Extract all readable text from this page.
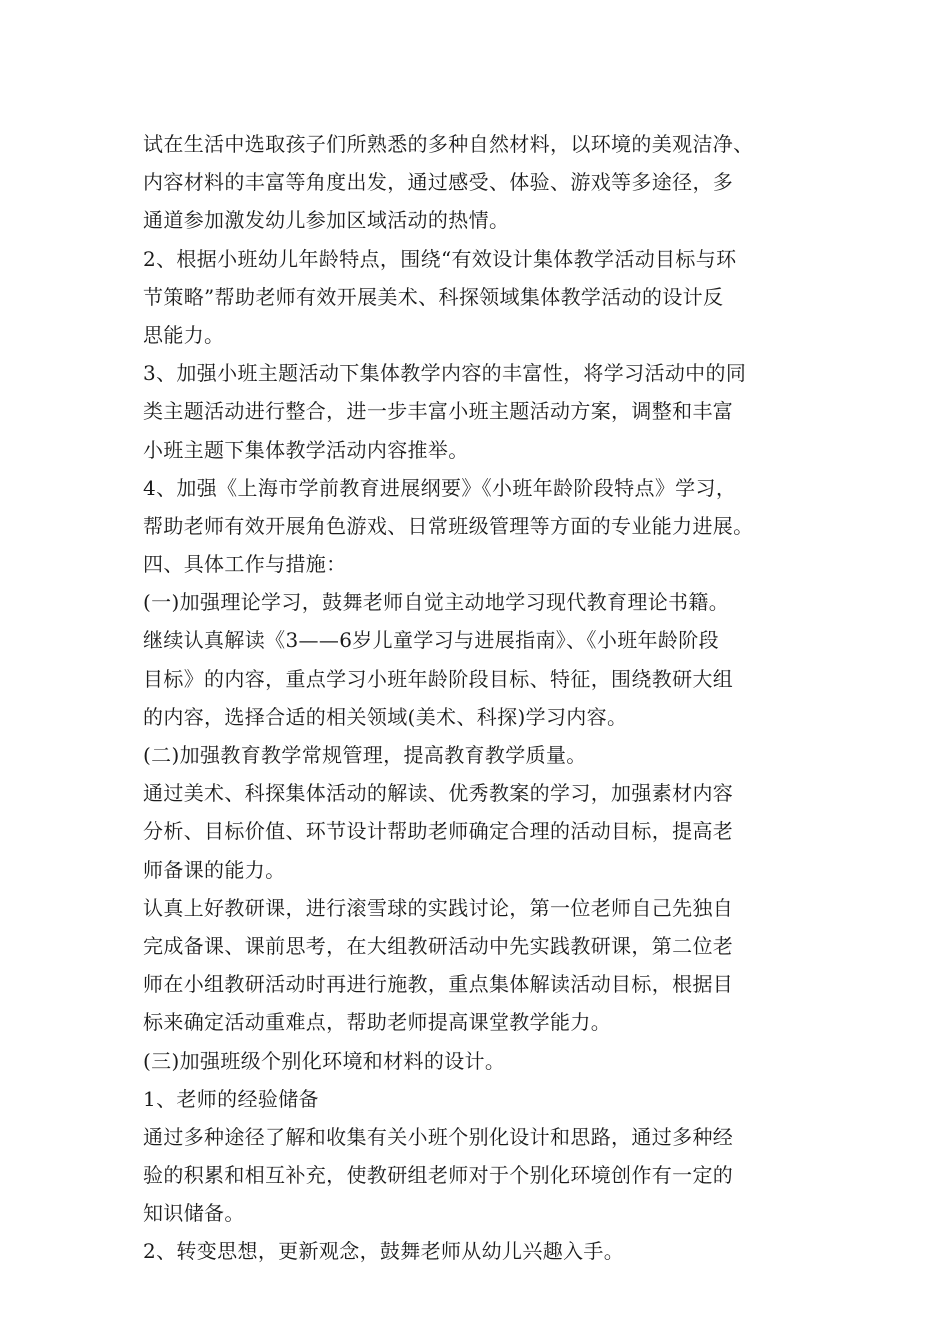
试在生活中选取孩子们所熟悉的多种自然材料，以环境的美观洁净、
内容材料的丰富等角度出发，通过感受、体验、游戏等多途径，多
通道参加激发幼儿参加区域活动的热情。
2、根据小班幼儿年龄特点，围绕“有效设计集体教学活动目标与环
节策略”帮助老师有效开展美术、科探领域集体教学活动的设计反
思能力。
3、加强小班主题活动下集体教学内容的丰富性，将学习活动中的同
类主题活动进行整合，进一步丰富小班主题活动方案，调整和丰富
小班主题下集体教学活动内容推举。
4、加强《上海市学前教育进展纲要》《小班年龄阶段特点》学习，
帮助老师有效开展角色游戏、日常班级管理等方面的专业能力进展。
四、具体工作与措施：
(一)加强理论学习，鼓舞老师自觉主动地学习现代教育理论书籍。
继续认真解读《3——6岁儿童学习与进展指南》、《小班年龄阶段
目标》的内容，重点学习小班年龄阶段目标、特征，围绕教研大组
的内容，选择合适的相关领域(美术、科探)学习内容。
(二)加强教育教学常规管理，提高教育教学质量。
通过美术、科探集体活动的解读、优秀教案的学习，加强素材内容
分析、目标价值、环节设计帮助老师确定合理的活动目标，提高老
师备课的能力。
认真上好教研课，进行滚雪球的实践讨论，第一位老师自己先独自
完成备课、课前思考，在大组教研活动中先实践教研课，第二位老
师在小组教研活动时再进行施教，重点集体解读活动目标，根据目
标来确定活动重难点，帮助老师提高课堂教学能力。
(三)加强班级个别化环境和材料的设计。
1、老师的经验储备
通过多种途径了解和收集有关小班个别化设计和思路，通过多种经
验的积累和相互补充，使教研组老师对于个别化环境创作有一定的
知识储备。
2、转变思想，更新观念，鼓舞老师从幼儿兴趣入手。
